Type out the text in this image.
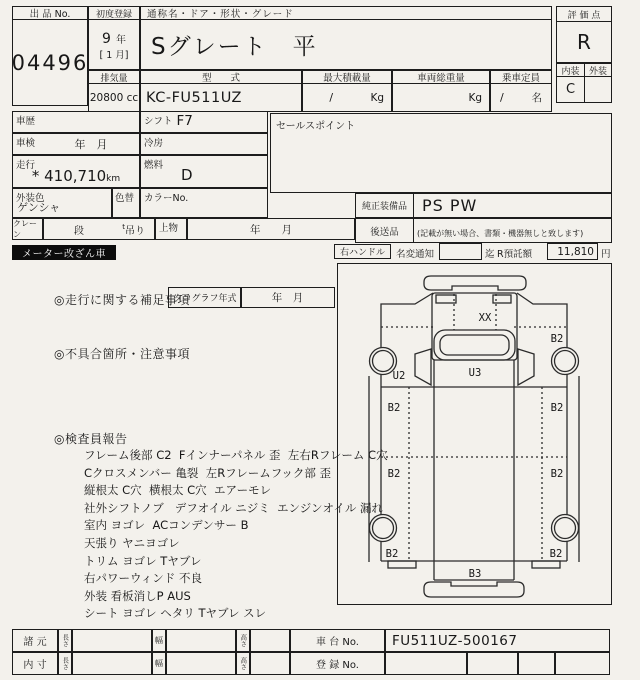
出 品 No.
04496
初度登録
9 年
[ 1 月]
通称名・ドア・形状・グレード
Sグレート　平
評 価 点
R
内装 外装
C
排気量
20800 cc
型　　式
KC-FU511UZ
最大積載量
/	Kg
車両総重量
Kg
乗車定員
/	名
車歴	シフト F7
車検	年　月	冷房
走行
* 410,710km
燃料
D
外装色
ゲンシャ
色替 カラーNo.
クレーン	段	$^t$吊り 上物	年　　月
セールスポイント
純正装備品 PS PW
後送品	(記載が無い場合、書類・機器無しと致します)
メーター改ざん車	右ハンドル 名変通知	迄 R預託額 11,810 円
◎走行に関する補足事項
タコグラフ年式	年　月
◎不具合箇所・注意事項
◎検査員報告
フレーム後部 C2  Fインナーパネル 歪  左右Rフレーム C穴
Cクロスメンバー 亀裂  左Rフレームフック部 歪
縦根太 C穴  横根太 C穴  エアーモレ
社外シフトノブ   デフオイル ニジミ  エンジンオイル 漏れ
室内 ヨゴレ  ACコンデンサー B
天張り ヤニヨゴレ
トリム ヨゴレ Tヤブレ
右パワーウィンド 不良
外装 看板消しP AUS
シート ヨゴレ ヘタリ Tヤブレ スレ
XX
U2	U3
B2
B2	B2
B2	B2
B2	B2
B3
諸 元 長さ	幅	高さ	車 台 No. FU511UZ-500167
内 寸 長さ	幅	高さ	登 録 No.
